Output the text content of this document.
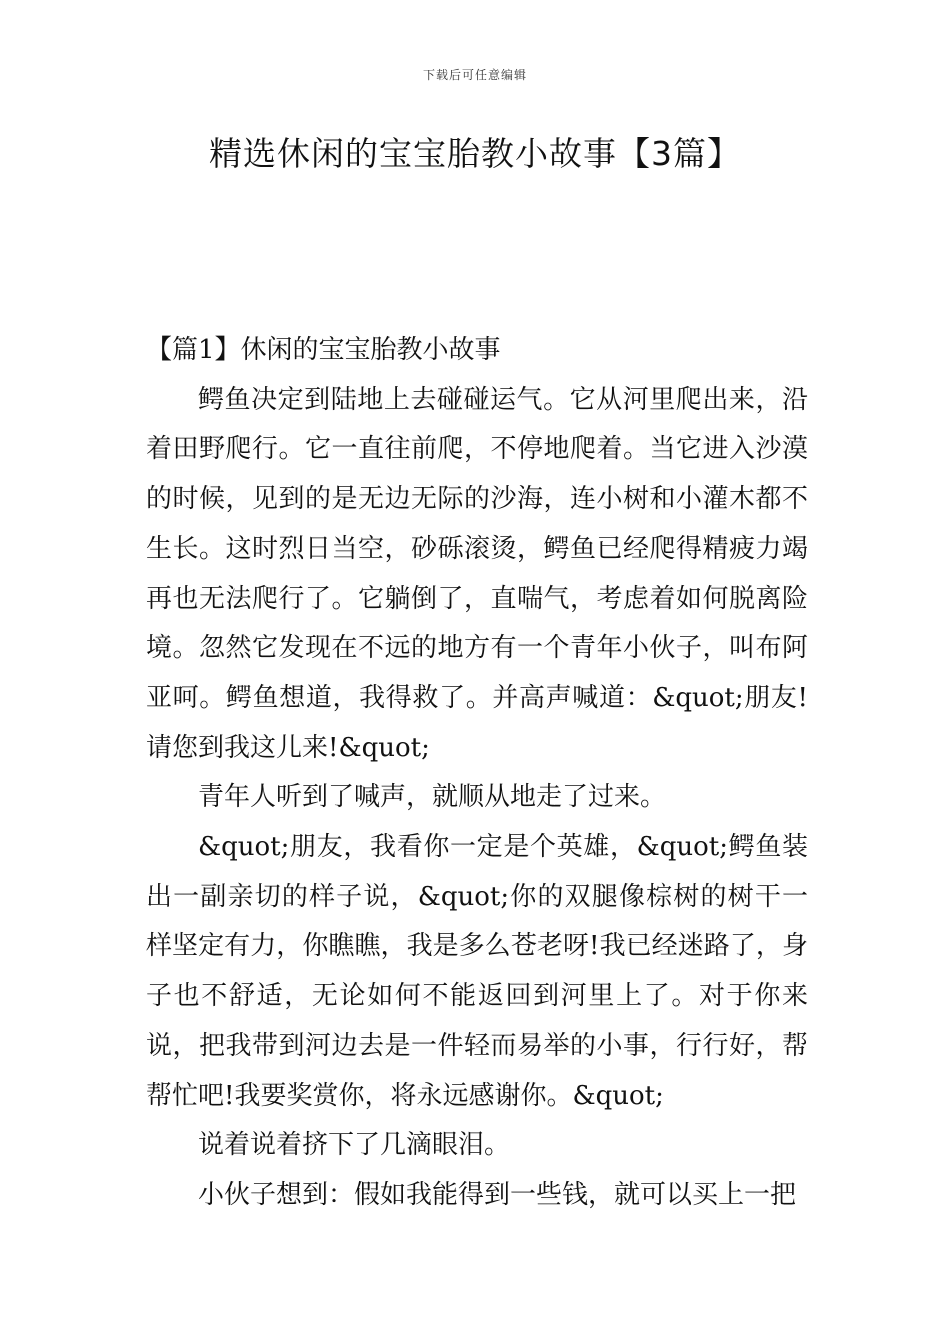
下载后可任意编辑
精选休闲的宝宝胎教小故事【3篇】

【篇1】休闲的宝宝胎教小故事

鳄鱼决定到陆地上去碰碰运气。它从河里爬出来，沿着田野爬行。它一直往前爬，不停地爬着。当它进入沙漠的时候，见到的是无边无际的沙海，连小树和小灌木都不生长。这时烈日当空，砂砾滚烫，鳄鱼已经爬得精疲力竭再也无法爬行了。它躺倒了，直喘气，考虑着如何脱离险境。忽然它发现在不远的地方有一个青年小伙子，叫布阿亚呵。鳄鱼想道，我得救了。并高声喊道：&quot;朋友!请您到我这儿来!&quot;

青年人听到了喊声，就顺从地走了过来。

&quot;朋友，我看你一定是个英雄，&quot;鳄鱼装出一副亲切的样子说，&quot;你的双腿像棕树的树干一样坚定有力，你瞧瞧，我是多么苍老呀!我已经迷路了，身子也不舒适，无论如何不能返回到河里上了。对于你来说，把我带到河边去是一件轻而易举的小事，行行好，帮帮忙吧!我要奖赏你，将永远感谢你。&quot;

说着说着挤下了几滴眼泪。

小伙子想到：假如我能得到一些钱，就可以买上一把
